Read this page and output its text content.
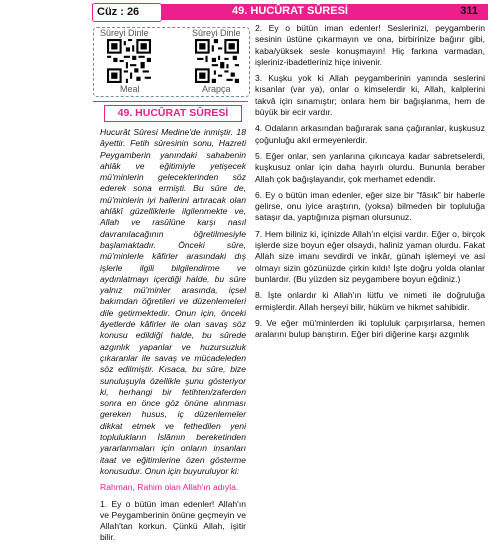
49. HUCÛRAT SÛRESİ	311
Cüz : 26
Sûreyi Dinle	Sûreyi Dinle
Meal	Arapça
49. HUCÛRAT SÛRESİ

Hucurât Sûresi Medine'de inmiştir. 18 âyettir. Fetih sûresinin sonu, Hazreti Peygamberin yanındaki sahabenin ahlâk ve eğitimiyle yetişecek mü'minlerin geleceklerinden söz ederek sona ermişti. Bu sûre de, mü'minlerin iyi hallerini artıracak olan ahlâkî güzelliklerle ilgilenmekte ve, Allah ve rasûlüne karşı nasıl davranılacağının öğretilmesiyle başlamaktadır. Önceki sûre, mü'minlerle kâfirler arasındaki dış işlerle ilgili bilgilendirme ve aydınlatmayı içerdiği halde, bu sûre yalnız mü'minler arasında, içsel bakımdan öğretileri ve düzenlemeleri dile getirmektedir. Onun için, önceki âyetlerde kâfirler ile olan savaş söz konusu edildiği halde, bu sûrede azgınlık yapanlar ve huzursuzluk çıkaranlar ile savaş ve mücadeleden söz edilmiştir. Kısaca, bu sûre, bize sunuluşuyla özellikle şunu gösteriyor ki, herhangi bir fetihten/zaferden sonra en önce göz önüne alınması gereken husus, iç düzenlemeler dikkat etmek ve fethedilen yeni toplulukların İslâmın bereketinden yararlanmaları için onların insanları itaat ve eğitimlerine özen gösterme konusudur. Onun için buyuruluyor ki:

Rahman, Rahim olan Allah'ın adıyla.

1. Ey o bütün iman edenler! Allah'ın ve Peygamberinin önüne geçmeyin ve Allah'tan korkun. Çünkü Allah, işitir bilir.

2. Ey o bütün iman edenler! Seslerinizi, peygamberin sesinin üstüne çıkarmayın ve ona, birbirinize bağırır gibi, kaba/yüksek sesle konuşmayın! Hiç farkına varmadan, işleriniz-ibadetleriniz hiçe inivenir.

3. Kuşku yok ki Allah peygamberinin yanında seslerini kısanlar (var ya), onlar o kimselerdir ki, Allah, kalplerini takvâ için sınamıştır; onlara hem bir bağışlanma, hem de büyük bir ecir vardır.

4. Odaların arkasından bağırarak sana çağıranlar, kuşkusuz çoğunluğu akıl ermeyenlerdir.

5. Eğer onlar, sen yanlarına çıkıncaya kadar sabretselerdi, kuşkusuz onlar için daha hayırlı olurdu. Bununla beraber Allah çok bağışlayandır, çok merhamet edendir.

6. Ey o bütün iman edenler, eğer size bir "fâsık" bir haberle gelirse, onu iyice araştırın, (yoksa) bilmeden bir topluluğa sataşır da, yaptığınıza pişman olursunuz.

7. Hem biliniz ki, içinizde Allah'ın elçisi vardır. Eğer o, birçok işlerde size boyun eğer olsaydı, haliniz yaman olurdu. Fakat Allah size imanı sevdirdi ve inkâr, günah işlemeyi ve asi olmayı sizin gözünüzde çirkin kıldı! İşte doğru yolda olanlar bunlardır. (Bu yüzden siz peygambere boyun eğdiniz.)

8. İşte onlardır ki Allah'ın lütfu ve nimeti ile doğruluğa ermişlerdir. Allah herşeyi bilir, hüküm ve hikmet sahibidir.

9. Ve eğer mü'minlerden iki topluluk çarpışırlarsa, hemen aralarını bulup barıştırın. Eğer biri diğerine karşı azgınlık
